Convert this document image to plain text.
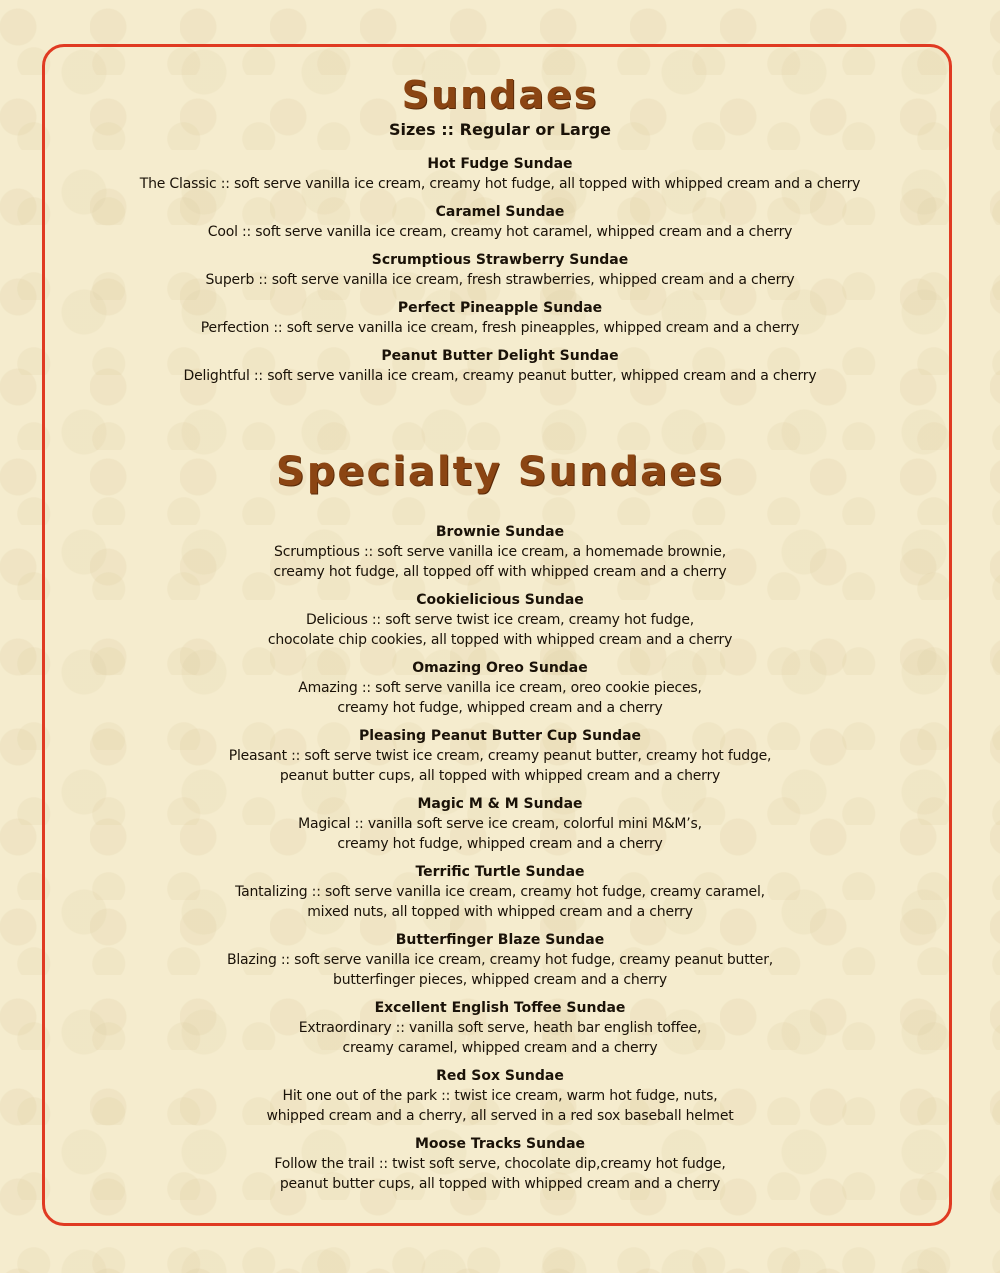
Sundaes

Sizes :: Regular or Large

Hot Fudge Sundae
The Classic :: soft serve vanilla ice cream, creamy hot fudge, all topped with whipped cream and a cherry
Caramel Sundae
Cool :: soft serve vanilla ice cream, creamy hot caramel, whipped cream and a cherry
Scrumptious Strawberry Sundae
Superb :: soft serve vanilla ice cream, fresh strawberries, whipped cream and a cherry
Perfect Pineapple Sundae
Perfection :: soft serve vanilla ice cream, fresh pineapples, whipped cream and a cherry
Peanut Butter Delight Sundae
Delightful :: soft serve vanilla ice cream, creamy peanut butter, whipped cream and a cherry
Specialty Sundaes
Brownie Sundae
Scrumptious :: soft serve vanilla ice cream, a homemade brownie,
creamy hot fudge, all topped off with whipped cream and a cherry
Cookielicious Sundae
Delicious :: soft serve twist ice cream, creamy hot fudge,
chocolate chip cookies, all topped with whipped cream and a cherry
Omazing Oreo Sundae
Amazing :: soft serve vanilla ice cream, oreo cookie pieces,
creamy hot fudge, whipped cream and a cherry
Pleasing Peanut Butter Cup Sundae
Pleasant :: soft serve twist ice cream, creamy peanut butter, creamy hot fudge,
peanut butter cups, all topped with whipped cream and a cherry
Magic M & M Sundae
Magical :: vanilla soft serve ice cream, colorful mini M&M’s,
creamy hot fudge, whipped cream and a cherry
Terrific Turtle Sundae
Tantalizing :: soft serve vanilla ice cream, creamy hot fudge, creamy caramel,
mixed nuts, all topped with whipped cream and a cherry
Butterfinger Blaze Sundae
Blazing :: soft serve vanilla ice cream, creamy hot fudge, creamy peanut butter,
butterfinger pieces, whipped cream and a cherry
Excellent English Toffee Sundae
Extraordinary :: vanilla soft serve, heath bar english toffee,
creamy caramel, whipped cream and a cherry
Red Sox Sundae
Hit one out of the park :: twist ice cream, warm hot fudge, nuts,
whipped cream and a cherry, all served in a red sox baseball helmet
Moose Tracks Sundae
Follow the trail :: twist soft serve, chocolate dip,creamy hot fudge,
peanut butter cups, all topped with whipped cream and a cherry
